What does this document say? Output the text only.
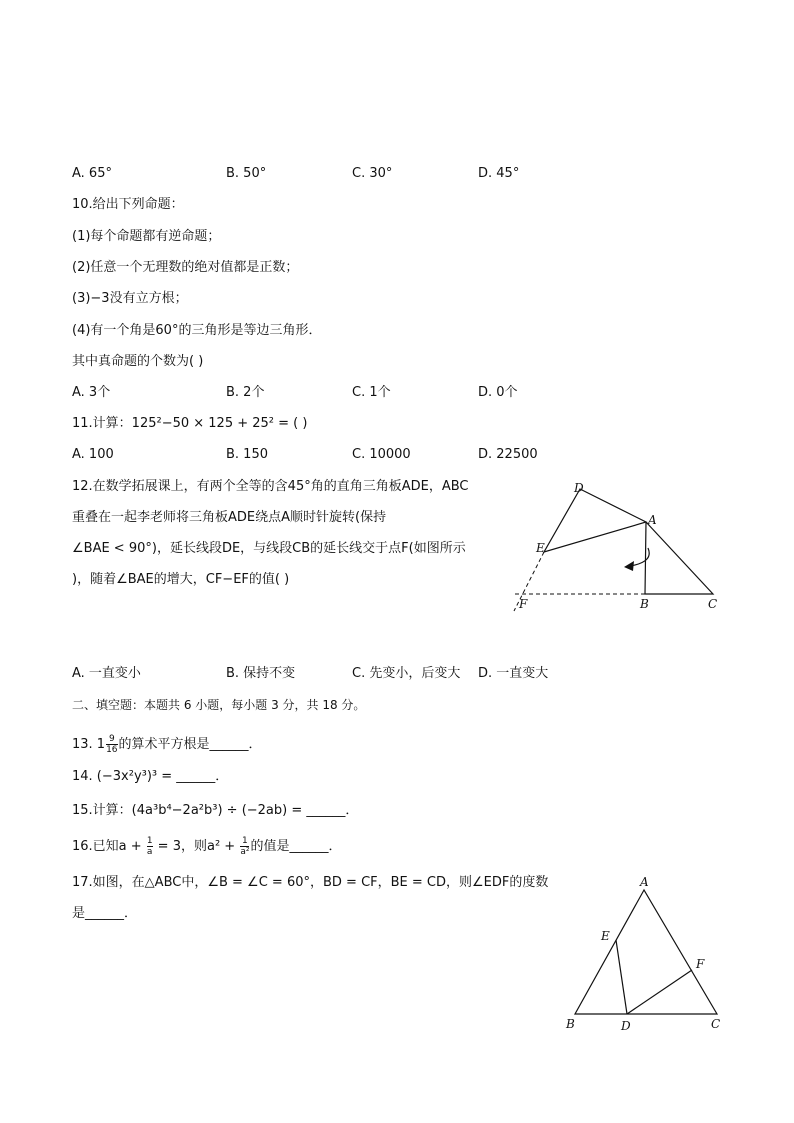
A. 65°	B. 50°	C. 30°	D. 45°
10.给出下列命题：
(1)每个命题都有逆命题；
(2)任意一个无理数的绝对值都是正数；
(3)−3没有立方根；
(4)有一个角是60°的三角形是等边三角形．
其中真命题的个数为( )
A. 3个	B. 2个	C. 1个	D. 0个
11.计算：125²−50 × 125 + 25² = ( )
A. 100	B. 150	C. 10000	D. 22500
12.在数学拓展课上，有两个全等的含45°角的直角三角板ADE，ABC
重叠在一起李老师将三角板ADE绕点A顺时针旋转(保持
∠BAE < 90°)，延长线段DE，与线段CB的延长线交于点F(如图所示
)，随着∠BAE的增大，CF−EF的值( )
D
A
E
F	B	C
A. 一直变小	B. 保持不变	C. 先变小，后变大 D. 一直变大
二、填空题：本题共 6 小题，每小题 3 分，共 18 分。
13. $1 \frac{9}{16}$ 的算术平方根是______．
14. (−3x²y³)³ = ______．
15.计算：(4a³b⁴−2a²b³) ÷ (−2ab) = ______．
16.已知$a + \frac{1}{a} = 3$，则$a^2 + \frac{1}{\text{a²}}$ 的值是______．
17.如图，在△ABC中，∠B = ∠C = 60°，BD = CF，BE = CD，则∠EDF的度数
是______．
A
E
F
B	D	C
